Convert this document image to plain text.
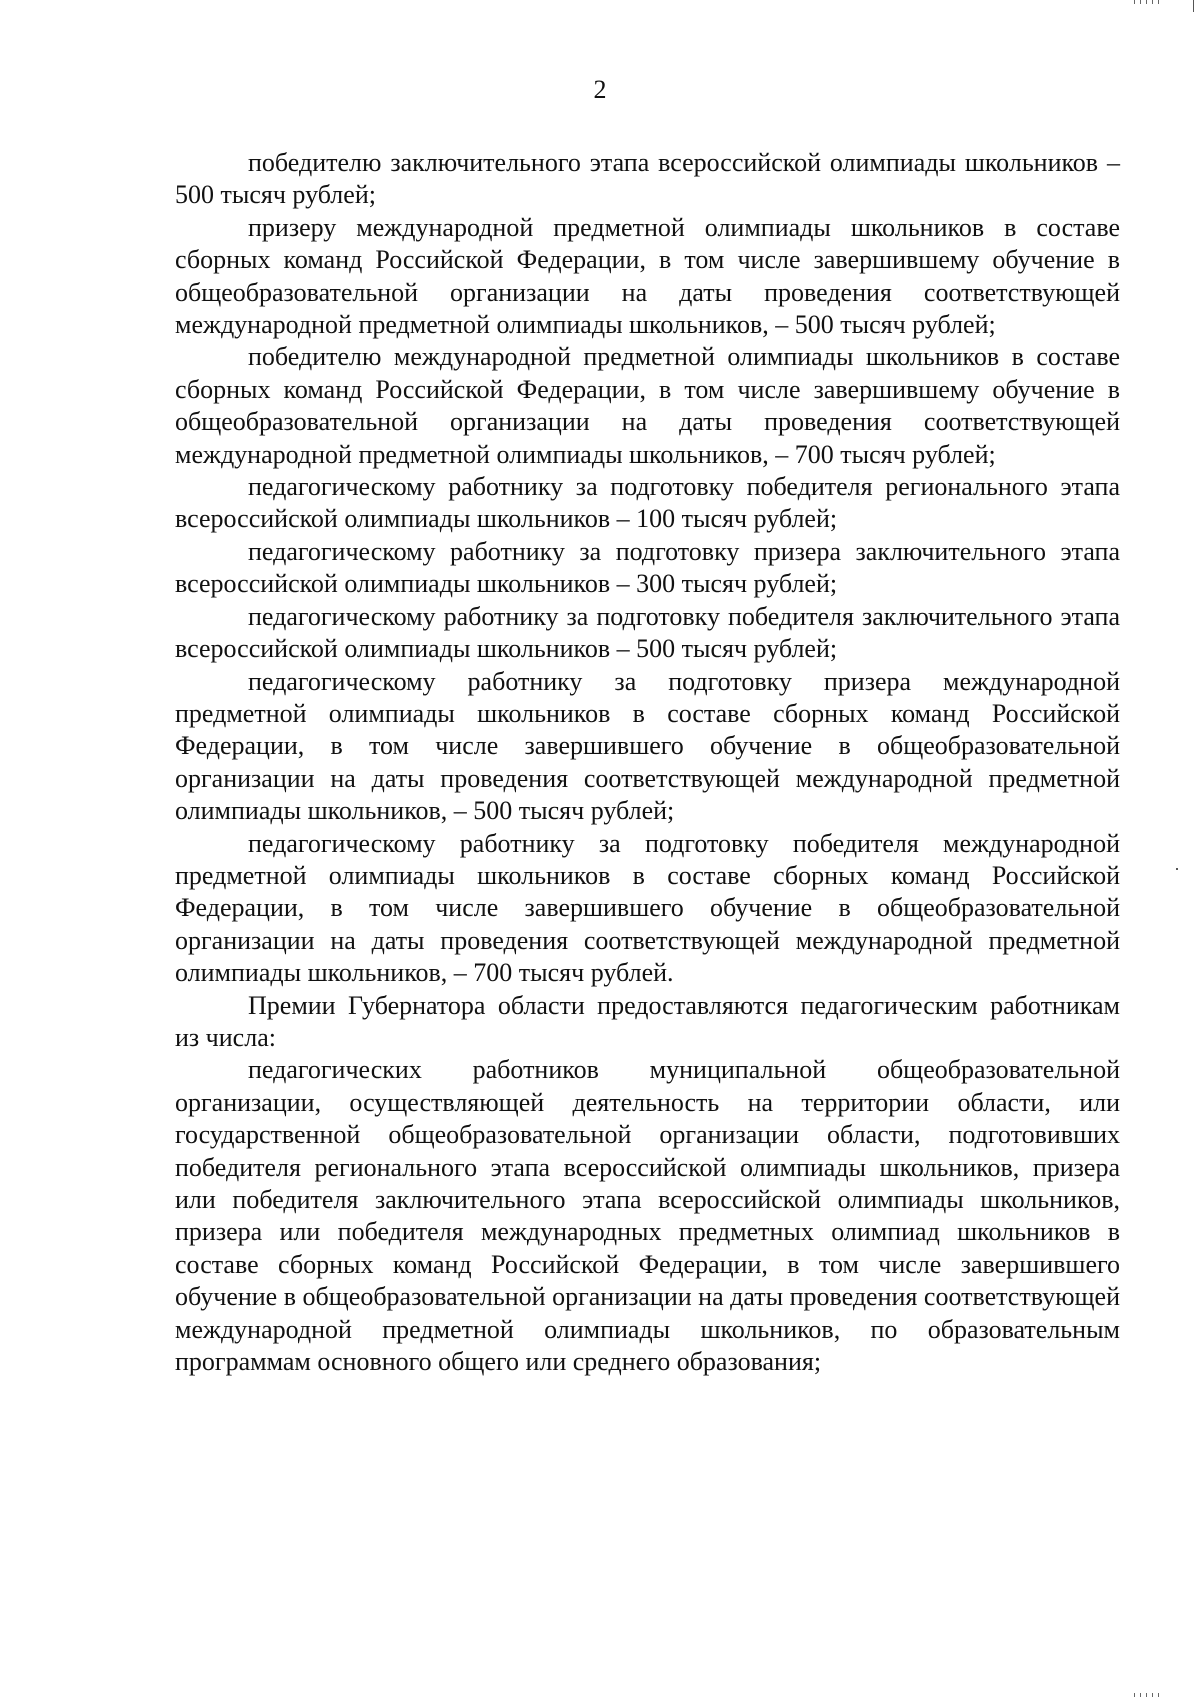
2

победителю заключительного этапа всероссийской олимпиады школьников – 500 тысяч рублей;

призеру международной предметной олимпиады школьников в составе сборных команд Российской Федерации, в том числе завершившему обучение в общеобразовательной организации на даты проведения соответствующей международной предметной олимпиады школьников, – 500 тысяч рублей;

победителю международной предметной олимпиады школьников в составе сборных команд Российской Федерации, в том числе завершившему обучение в общеобразовательной организации на даты проведения соответствующей международной предметной олимпиады школьников, – 700 тысяч рублей;

педагогическому работнику за подготовку победителя регионального этапа всероссийской олимпиады школьников – 100 тысяч рублей;

педагогическому работнику за подготовку призера заключительного этапа всероссийской олимпиады школьников – 300 тысяч рублей;

педагогическому работнику за подготовку победителя заключительного этапа всероссийской олимпиады школьников – 500 тысяч рублей;

педагогическому работнику за подготовку призера международной предметной олимпиады школьников в составе сборных команд Российской Федерации, в том числе завершившего обучение в общеобразовательной организации на даты проведения соответствующей международной предметной олимпиады школьников, – 500 тысяч рублей;

педагогическому работнику за подготовку победителя международной предметной олимпиады школьников в составе сборных команд Российской Федерации, в том числе завершившего обучение в общеобразовательной организации на даты проведения соответствующей международной предметной олимпиады школьников, – 700 тысяч рублей.

Премии Губернатора области предоставляются педагогическим работникам из числа:

педагогических работников муниципальной общеобразовательной организации, осуществляющей деятельность на территории области, или государственной общеобразовательной организации области, подготовивших победителя регионального этапа всероссийской олимпиады школьников, призера или победителя заключительного этапа всероссийской олимпиады школьников, призера или победителя международных предметных олимпиад школьников в составе сборных команд Российской Федерации, в том числе завершившего обучение в общеобразовательной организации на даты проведения соответствующей международной предметной олимпиады школьников, по образовательным программам основного общего или среднего образования;
